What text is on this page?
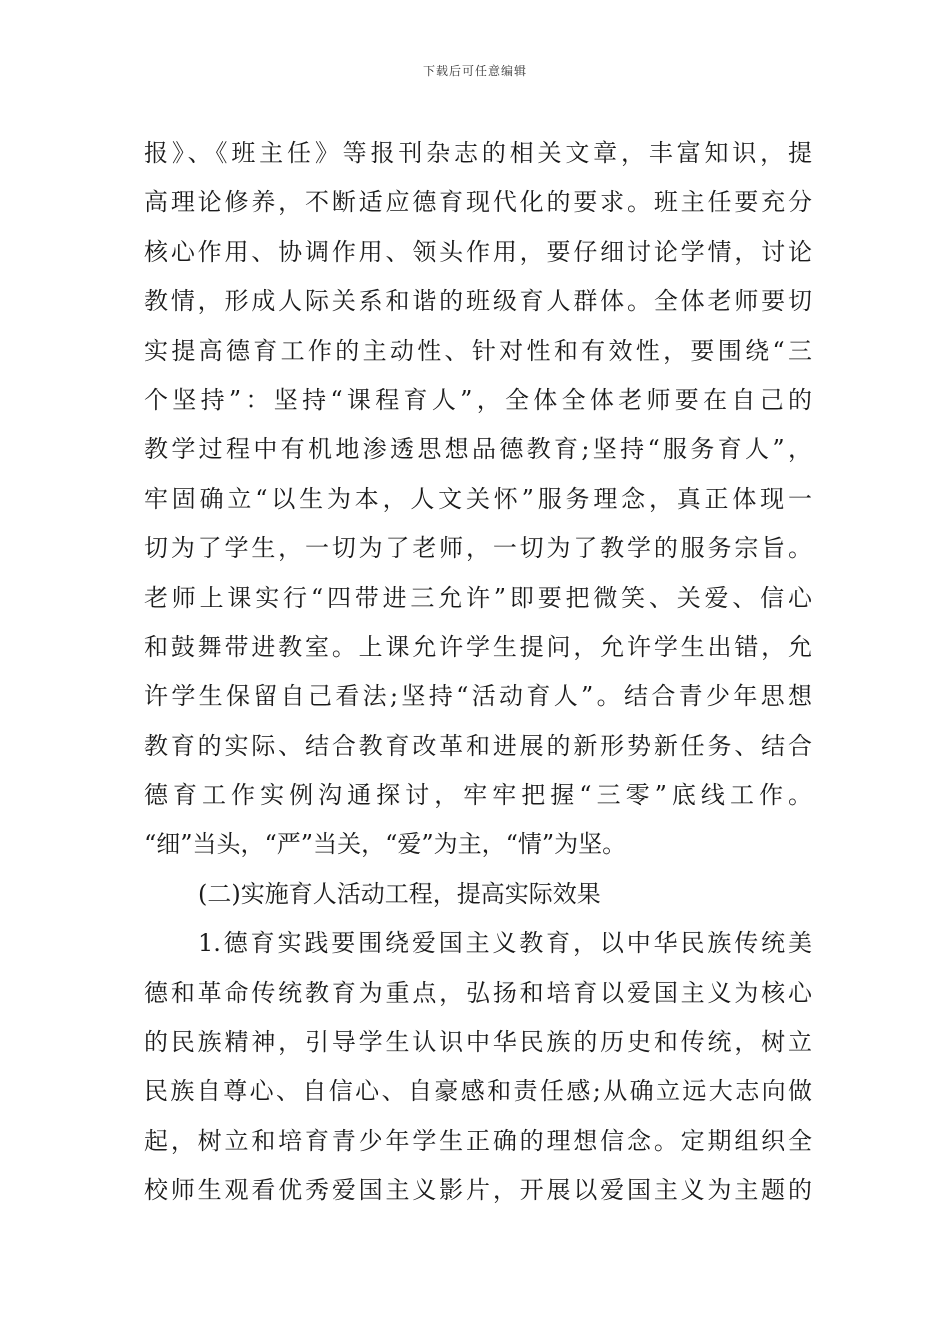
下载后可任意编辑
报》、《班主任》等报刊杂志的相关文章，丰富知识，提
高理论修养，不断适应德育现代化的要求。班主任要充分
核心作用、协调作用、领头作用，要仔细讨论学情，讨论
教情，形成人际关系和谐的班级育人群体。全体老师要切
实提高德育工作的主动性、针对性和有效性，要围绕“三
个坚持”：坚持“课程育人”，全体全体老师要在自己的
教学过程中有机地渗透思想品德教育;坚持“服务育人”，
牢固确立“以生为本，人文关怀”服务理念，真正体现一
切为了学生，一切为了老师，一切为了教学的服务宗旨。
老师上课实行“四带进三允许”即要把微笑、关爱、信心
和鼓舞带进教室。上课允许学生提问，允许学生出错，允
许学生保留自己看法;坚持“活动育人”。结合青少年思想
教育的实际、结合教育改革和进展的新形势新任务、结合
德育工作实例沟通探讨，牢牢把握“三零”底线工作。
“细”当头，“严”当关，“爱”为主，“情”为坚。
(二)实施育人活动工程，提高实际效果
1.德育实践要围绕爱国主义教育，以中华民族传统美
德和革命传统教育为重点，弘扬和培育以爱国主义为核心
的民族精神，引导学生认识中华民族的历史和传统，树立
民族自尊心、自信心、自豪感和责任感;从确立远大志向做
起，树立和培育青少年学生正确的理想信念。定期组织全
校师生观看优秀爱国主义影片，开展以爱国主义为主题的
